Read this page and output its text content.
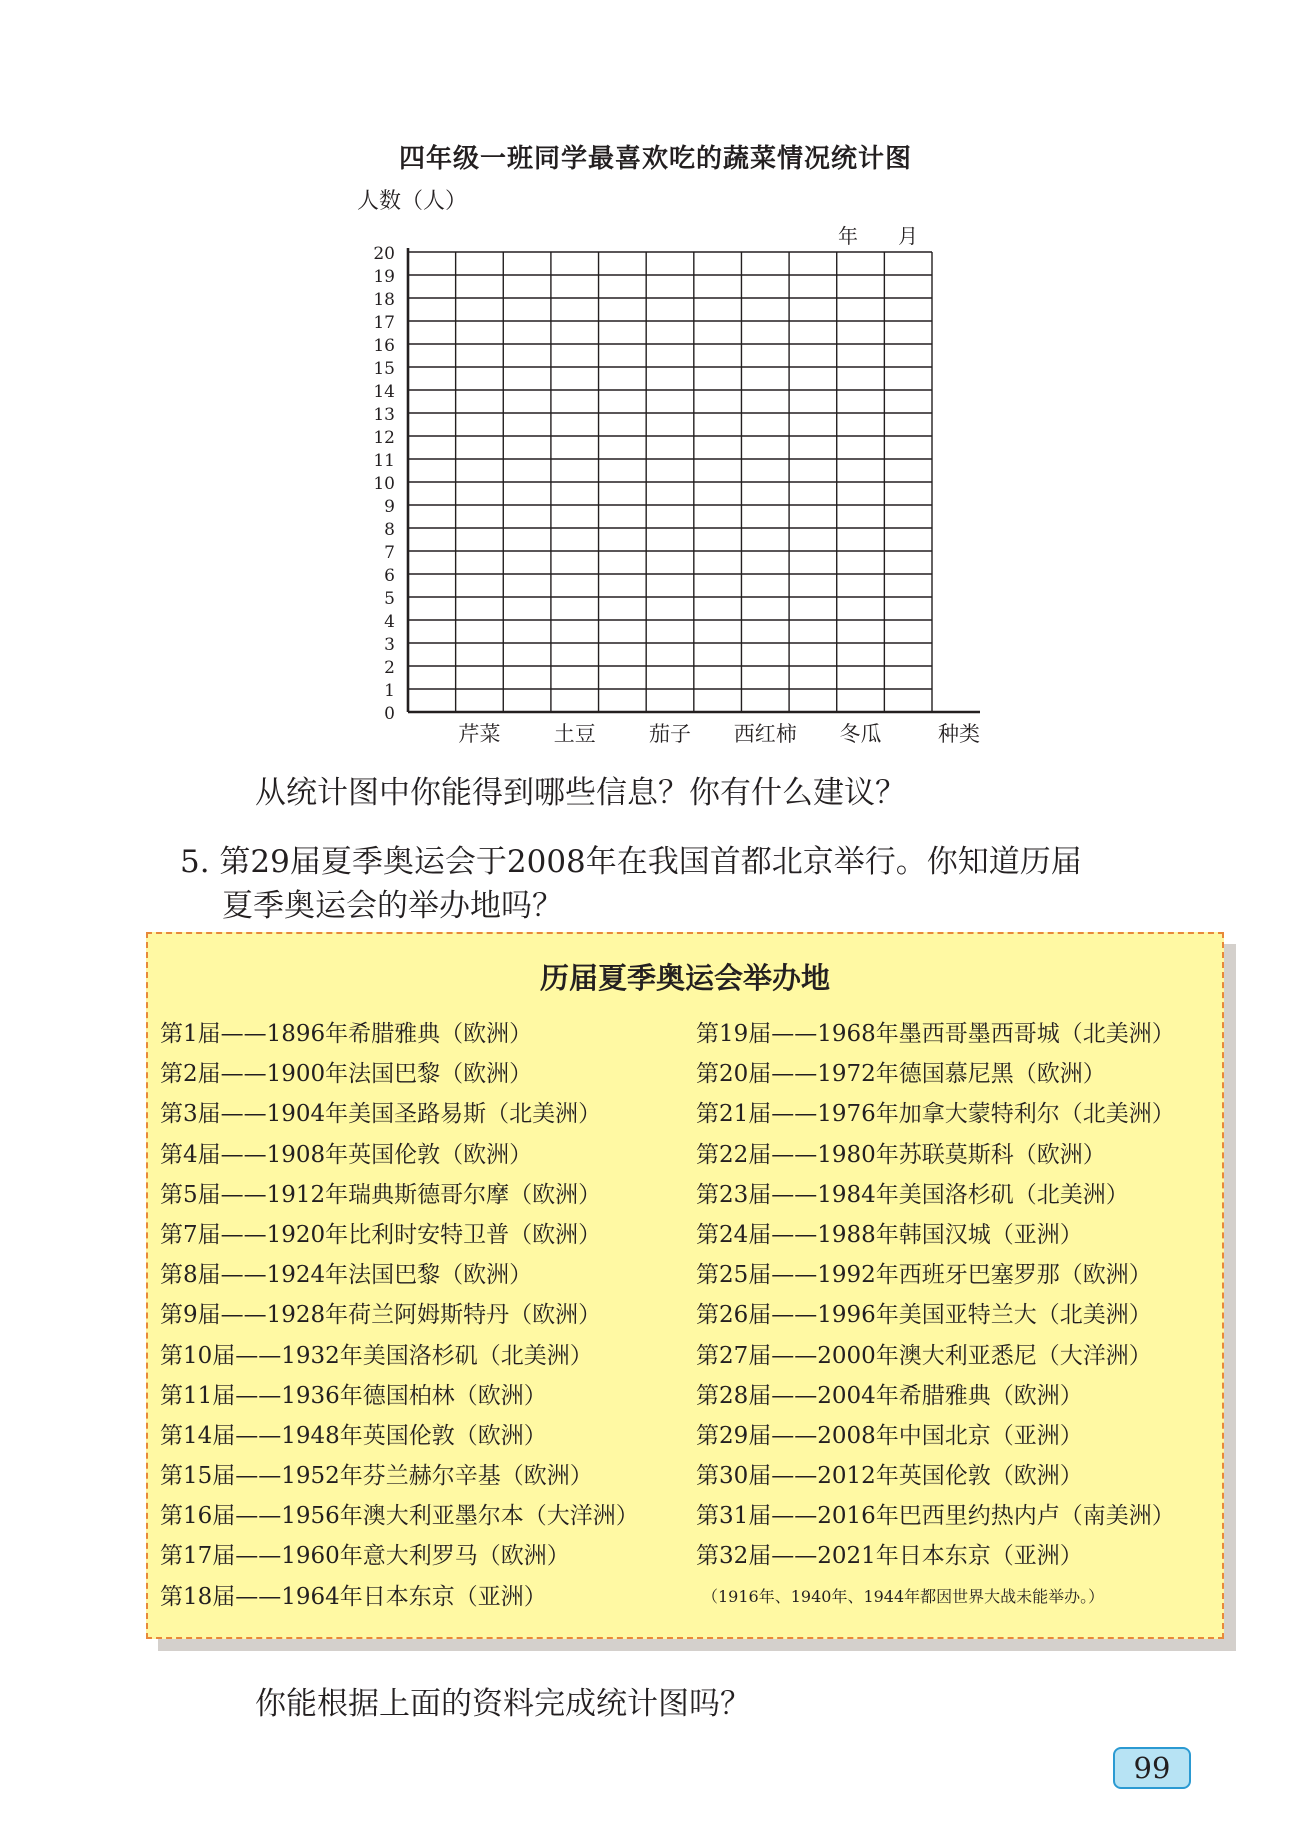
四年级一班同学最喜欢吃的蔬菜情况统计图
人数（人）
年　　月
0
1
2
3
4
5
6
7
8
9
10
11
12
13
14
15
16
17
18
19
20
芹菜	土豆	茄子 西红柿 冬瓜	种类
从统计图中你能得到哪些信息？你有什么建议？
5. 第29届夏季奥运会于2008年在我国首都北京举行。你知道历届
夏季奥运会的举办地吗？
历届夏季奥运会举办地
第1届——1896年希腊雅典（欧洲）
第2届——1900年法国巴黎（欧洲）
第3届——1904年美国圣路易斯（北美洲）
第4届——1908年英国伦敦（欧洲）
第5届——1912年瑞典斯德哥尔摩（欧洲）
第7届——1920年比利时安特卫普（欧洲）
第8届——1924年法国巴黎（欧洲）
第9届——1928年荷兰阿姆斯特丹（欧洲）
第10届——1932年美国洛杉矶（北美洲）
第11届——1936年德国柏林（欧洲）
第14届——1948年英国伦敦（欧洲）
第15届——1952年芬兰赫尔辛基（欧洲）
第16届——1956年澳大利亚墨尔本（大洋洲）
第17届——1960年意大利罗马（欧洲）
第18届——1964年日本东京（亚洲）
第19届——1968年墨西哥墨西哥城（北美洲）
第20届——1972年德国慕尼黑（欧洲）
第21届——1976年加拿大蒙特利尔（北美洲）
第22届——1980年苏联莫斯科（欧洲）
第23届——1984年美国洛杉矶（北美洲）
第24届——1988年韩国汉城（亚洲）
第25届——1992年西班牙巴塞罗那（欧洲）
第26届——1996年美国亚特兰大（北美洲）
第27届——2000年澳大利亚悉尼（大洋洲）
第28届——2004年希腊雅典（欧洲）
第29届——2008年中国北京（亚洲）
第30届——2012年英国伦敦（欧洲）
第31届——2016年巴西里约热内卢（南美洲）
第32届——2021年日本东京（亚洲）
（1916年、1940年、1944年都因世界大战未能举办。）
你能根据上面的资料完成统计图吗？
99
